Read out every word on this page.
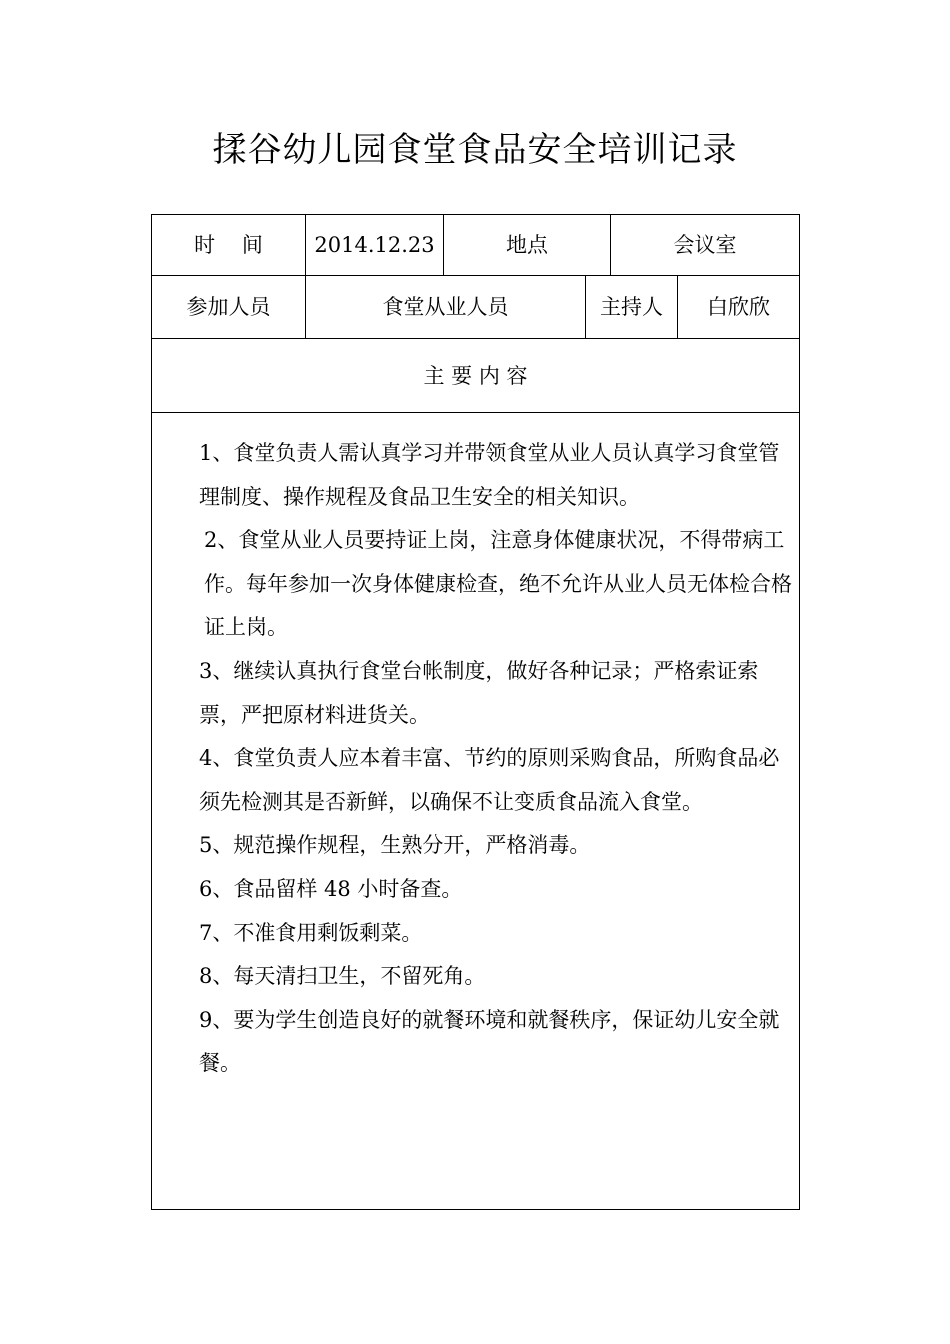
揉谷幼儿园食堂食品安全培训记录
时    间	2014.12.23	地点	会议室
参加人员	食堂从业人员	主持人	白欣欣
主 要 内 容

1、食堂负责人需认真学习并带领食堂从业人员认真学习食堂管理制度、操作规程及食品卫生安全的相关知识。

2、食堂从业人员要持证上岗，注意身体健康状况，不得带病工作。每年参加一次身体健康检查，绝不允许从业人员无体检合格证上岗。

3、继续认真执行食堂台帐制度，做好各种记录；严格索证索票，严把原材料进货关。

4、食堂负责人应本着丰富、节约的原则采购食品，所购食品必须先检测其是否新鲜，以确保不让变质食品流入食堂。

5、规范操作规程，生熟分开，严格消毒。

6、食品留样 48 小时备查。

7、不准食用剩饭剩菜。

8、每天清扫卫生，不留死角。

9、要为学生创造良好的就餐环境和就餐秩序，保证幼儿安全就餐。
